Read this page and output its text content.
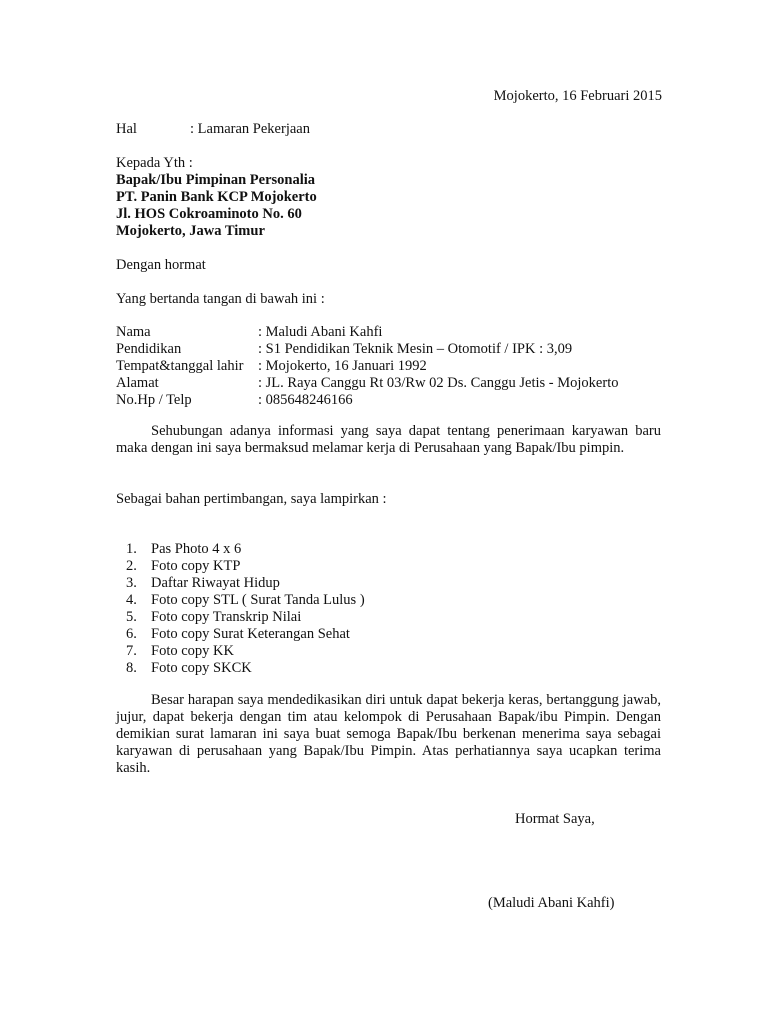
Mojokerto, 16 Februari 2015
Hal	: Lamaran Pekerjaan
Kepada Yth :
Bapak/Ibu Pimpinan Personalia
PT. Panin Bank KCP Mojokerto
Jl. HOS Cokroaminoto No. 60
Mojokerto, Jawa Timur
Dengan hormat
Yang bertanda tangan di bawah ini :
Nama	: Maludi Abani Kahfi
Pendidikan	: S1 Pendidikan Teknik Mesin – Otomotif / IPK : 3,09
Tempat&tanggal lahir : Mojokerto, 16 Januari 1992
Alamat	: JL. Raya Canggu Rt 03/Rw 02 Ds. Canggu Jetis - Mojokerto
No.Hp / Telp	: 085648246166
Sehubungan adanya informasi yang saya dapat tentang penerimaan karyawan baru maka dengan ini saya bermaksud melamar kerja di Perusahaan yang Bapak/Ibu pimpin.
Sebagai bahan pertimbangan, saya lampirkan :
1. Pas Photo 4 x 6
2. Foto copy KTP
3. Daftar Riwayat Hidup
4. Foto copy STL ( Surat Tanda Lulus )
5. Foto copy Transkrip Nilai
6. Foto copy Surat Keterangan Sehat
7. Foto copy KK
8. Foto copy SKCK
Besar harapan saya mendedikasikan diri untuk dapat bekerja keras, bertanggung jawab, jujur, dapat bekerja dengan tim atau kelompok di Perusahaan Bapak/ibu Pimpin. Dengan demikian surat lamaran ini saya buat semoga Bapak/Ibu berkenan menerima saya sebagai karyawan di perusahaan yang Bapak/Ibu Pimpin. Atas perhatiannya saya ucapkan terima kasih.
Hormat Saya,
(Maludi Abani Kahfi)
